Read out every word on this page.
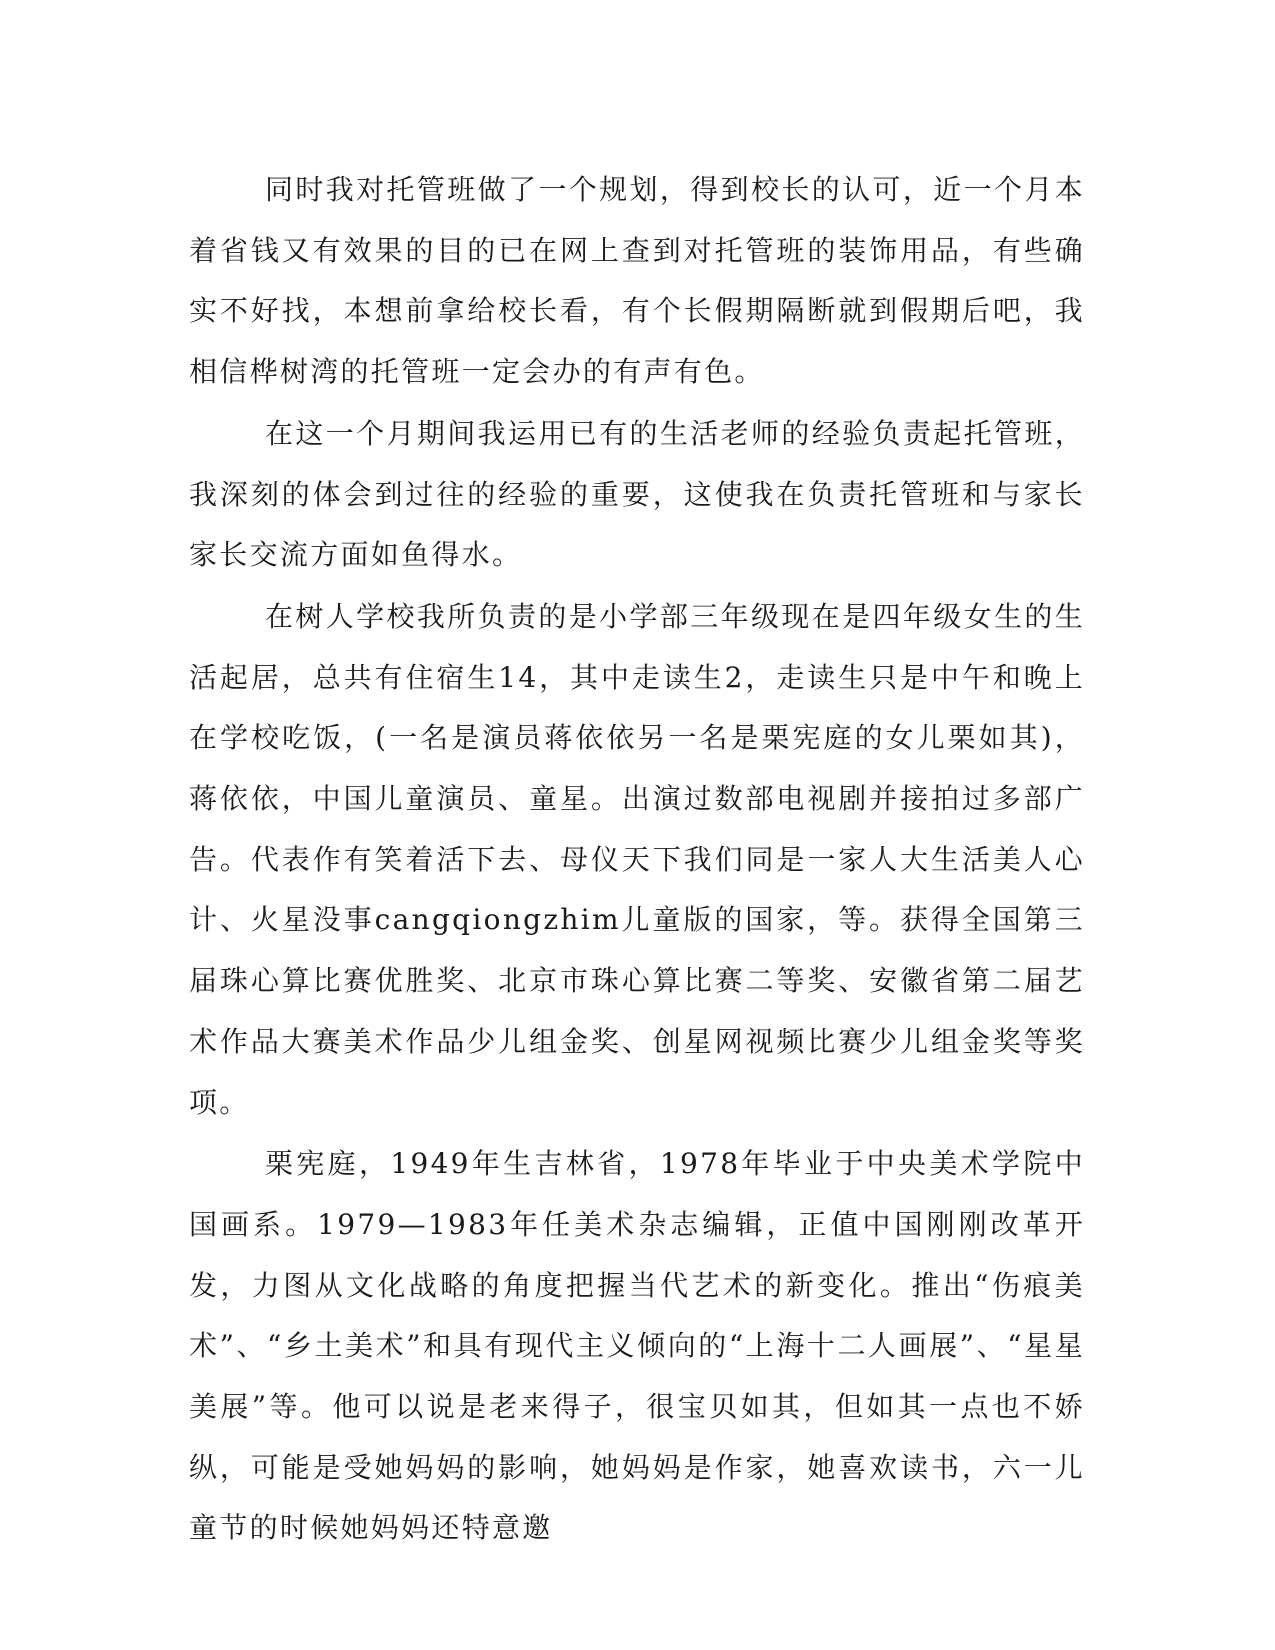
同时我对托管班做了一个规划，得到校长的认可，近一个月本着省钱又有效果的目的已在网上查到对托管班的装饰用品，有些确实不好找，本想前拿给校长看，有个长假期隔断就到假期后吧，我相信桦树湾的托管班一定会办的有声有色。

在这一个月期间我运用已有的生活老师的经验负责起托管班，我深刻的体会到过往的经验的重要，这使我在负责托管班和与家长家长交流方面如鱼得水。

在树人学校我所负责的是小学部三年级现在是四年级女生的生活起居，总共有住宿生14，其中走读生2，走读生只是中午和晚上在学校吃饭，(一名是演员蒋依依另一名是栗宪庭的女儿栗如其)，蒋依依，中国儿童演员、童星。出演过数部电视剧并接拍过多部广告。代表作有笑着活下去、母仪天下我们同是一家人大生活美人心计、火星没事cangqiongzhim儿童版的国家，等。获得全国第三届珠心算比赛优胜奖、北京市珠心算比赛二等奖、安徽省第二届艺术作品大赛美术作品少儿组金奖、创星网视频比赛少儿组金奖等奖项。

栗宪庭，1949年生吉林省，1978年毕业于中央美术学院中国画系。1979—1983年任美术杂志编辑，正值中国刚刚改革开发，力图从文化战略的角度把握当代艺术的新变化。推出“伤痕美术”、“乡土美术”和具有现代主义倾向的“上海十二人画展”、“星星美展”等。他可以说是老来得子，很宝贝如其，但如其一点也不娇纵，可能是受她妈妈的影响，她妈妈是作家，她喜欢读书，六一儿童节的时候她妈妈还特意邀
